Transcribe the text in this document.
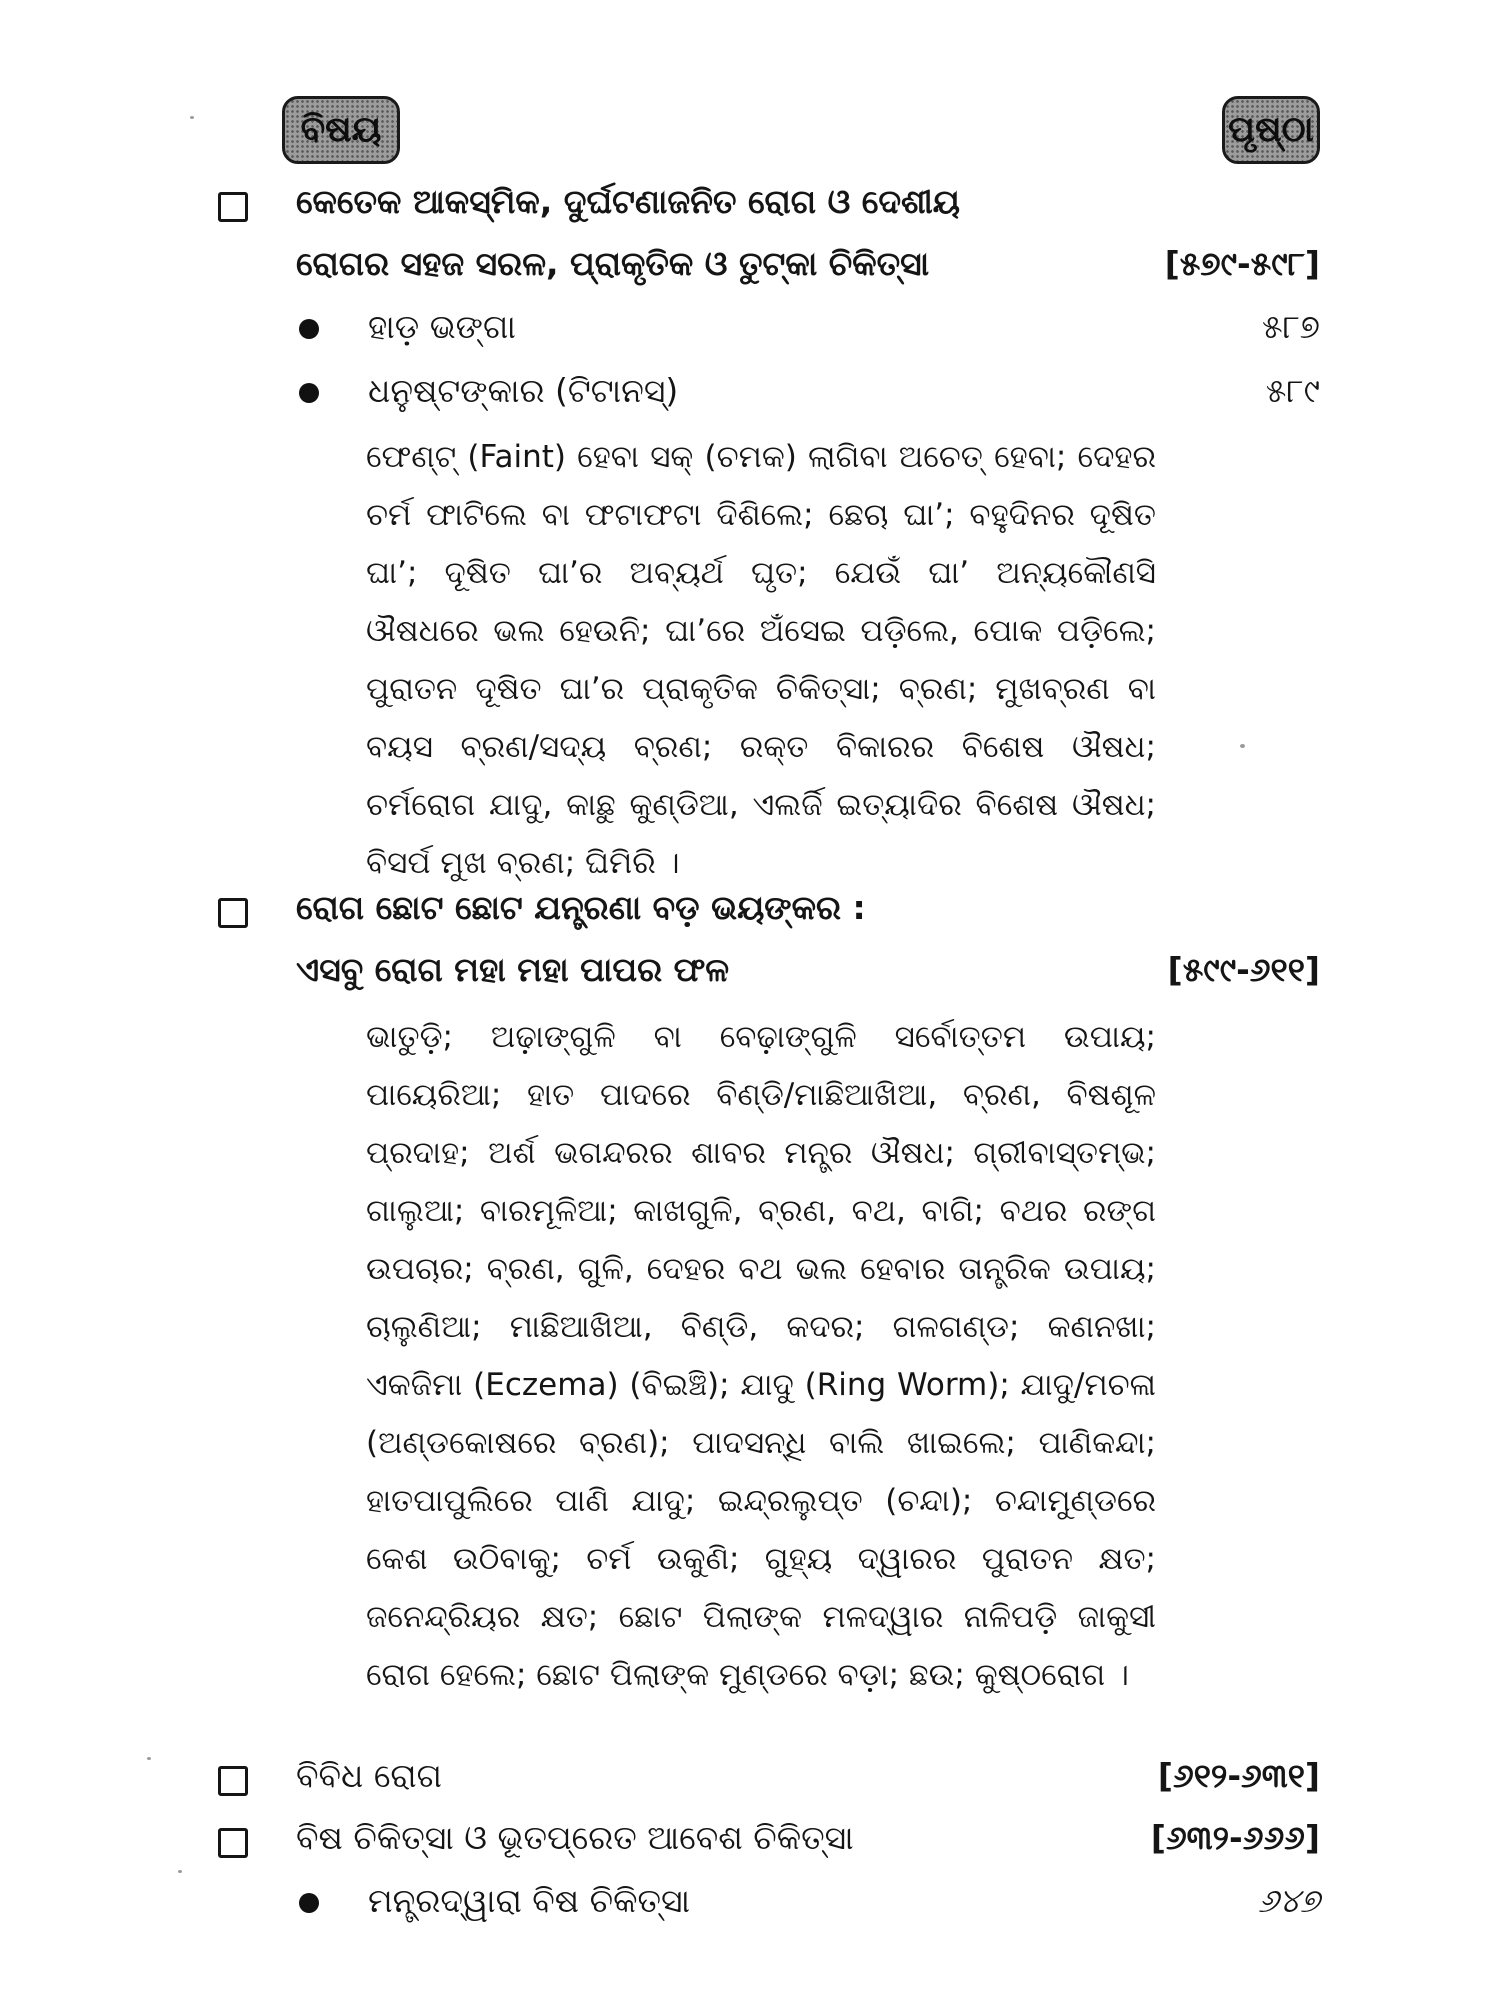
ବିଷୟ	ପୃଷ୍ଠା
କେତେକ ଆକସ୍ମିକ, ଦୁର୍ଘଟଣାଜନିତ ରୋଗ ଓ ଦେଶୀୟ
ରୋଗର ସହଜ ସରଳ, ପ୍ରାକୃତିକ ଓ ତୁଟ୍‌କା ଚିକିତ୍ସା	[୫୭୯-୫୯୮]
ହାଡ଼ ଭଙ୍ଗା	୫୮୭
ଧନୁଷ୍ଟଙ୍କାର (ଟିଟାନସ୍)	୫୮୯
ଫେଣ୍ଟ୍ (Faint) ହେବା ସକ୍ (ଚମକ) ଲାଗିବା ଅଚେତ୍ ହେବା; ଦେହର ଚର୍ମ ଫାଟିଲେ ବା ଫଟାଫଟା ଦିଶିଲେ; ଛେଚା ଘା’; ବହୁଦିନର ଦୂଷିତ ଘା’; ଦୂଷିତ ଘା’ର ଅବ୍ୟର୍ଥ ଘୃତ; ଯେଉଁ ଘା’ ଅନ୍ୟକୌଣସି ଔଷଧରେ ଭଲ ହେଉନି; ଘା’ରେ ଅଁସେଇ ପଡ଼ିଲେ, ପୋକ ପଡ଼ିଲେ; ପୁରାତନ ଦୂଷିତ ଘା’ର ପ୍ରାକୃତିକ ଚିକିତ୍ସା; ବ୍ରଣ; ମୁଖବ୍ରଣ ବା ବୟସ ବ୍ରଣ/ସଦ୍ୟ ବ୍ରଣ; ରକ୍ତ ବିକାରର ବିଶେଷ ଔଷଧ; ଚର୍ମରୋଗ ଯାଦୁ, କାଛୁ କୁଣ୍ଡିଆ, ଏଲର୍ଜି ଇତ୍ୟାଦିର ବିଶେଷ ଔଷଧ; ବିସର୍ପ ମୁଖ ବ୍ରଣ; ଘିମିରି ।
ରୋଗ ଛୋଟ ଛୋଟ ଯନ୍ତ୍ରଣା ବଡ଼ ଭୟଙ୍କର :
ଏସବୁ ରୋଗ ମହା ମହା ପାପର ଫଳ	[୫୯୯-୬୧୧]
ଭାତୁଡ଼ି; ଅଢ଼ାଙ୍ଗୁଳି ବା ବେଢ଼ାଙ୍ଗୁଳି ସର୍ବୋତ୍ତମ ଉପାୟ; ପାୟେରିଆ; ହାତ ପାଦରେ ବିଣ୍ଡି/ମାଛିଆଖିଆ, ବ୍ରଣ, ବିଷଶୂଳ ପ୍ରଦାହ; ଅର୍ଶ ଭଗନ୍ଦରର ଶାବର ମନ୍ତ୍ର ଔଷଧ; ଗ୍ରୀବାସ୍ତମ୍ଭ; ଗାଲୁଆ; ବାରମୂଳିଆ; କାଖଗୁଳି, ବ୍ରଣ, ବଥ, ବାଗି; ବଥର ରଙ୍ଗ ଉପଚାର; ବ୍ରଣ, ଗୁଳି, ଦେହର ବଥ ଭଲ ହେବାର ତାନ୍ତ୍ରିକ ଉପାୟ; ଚାଲୁଣିଆ; ମାଛିଆଖିଆ, ବିଣ୍ଡି, କଦର; ଗଳଗଣ୍ଡ; କଣନଖା; ଏକଜିମା (Eczema) (ବିଇଞ୍ଚି); ଯାଦୁ (Ring Worm); ଯାଦୁ/ମଚଳା (ଅଣ୍ଡକୋଷରେ ବ୍ରଣ); ପାଦସନ୍ଧି ବାଲି ଖାଇଲେ; ପାଣିକନ୍ଦା; ହାତପାପୁଲିରେ ପାଣି ଯାଦୁ; ଇନ୍ଦ୍ରଲୁପ୍ତ (ଚନ୍ଦା); ଚନ୍ଦାମୁଣ୍ଡରେ କେଶ ଉଠିବାକୁ; ଚର୍ମ ଉକୁଣି; ଗୁହ୍ୟ ଦ୍ୱାରର ପୁରାତନ କ୍ଷତ; ଜନେନ୍ଦ୍ରିୟର କ୍ଷତ; ଛୋଟ ପିଲାଙ୍କ ମଳଦ୍ୱାର ନାଳିପଡ଼ି ଜାକୁସୀ ରୋଗ ହେଲେ; ଛୋଟ ପିଲାଙ୍କ ମୁଣ୍ଡରେ ବଡ଼ା; ଛଉ; କୁଷ୍ଠରୋଗ ।
ବିବିଧ ରୋଗ	[୬୧୨-୬୩୧]
ବିଷ ଚିକିତ୍ସା ଓ ଭୂତପ୍ରେତ ଆବେଶ ଚିକିତ୍ସା	[୬୩୨-୬୬୬]
ମନ୍ତ୍ରଦ୍ୱାରା ବିଷ ଚିକିତ୍ସା	୬୪୭
